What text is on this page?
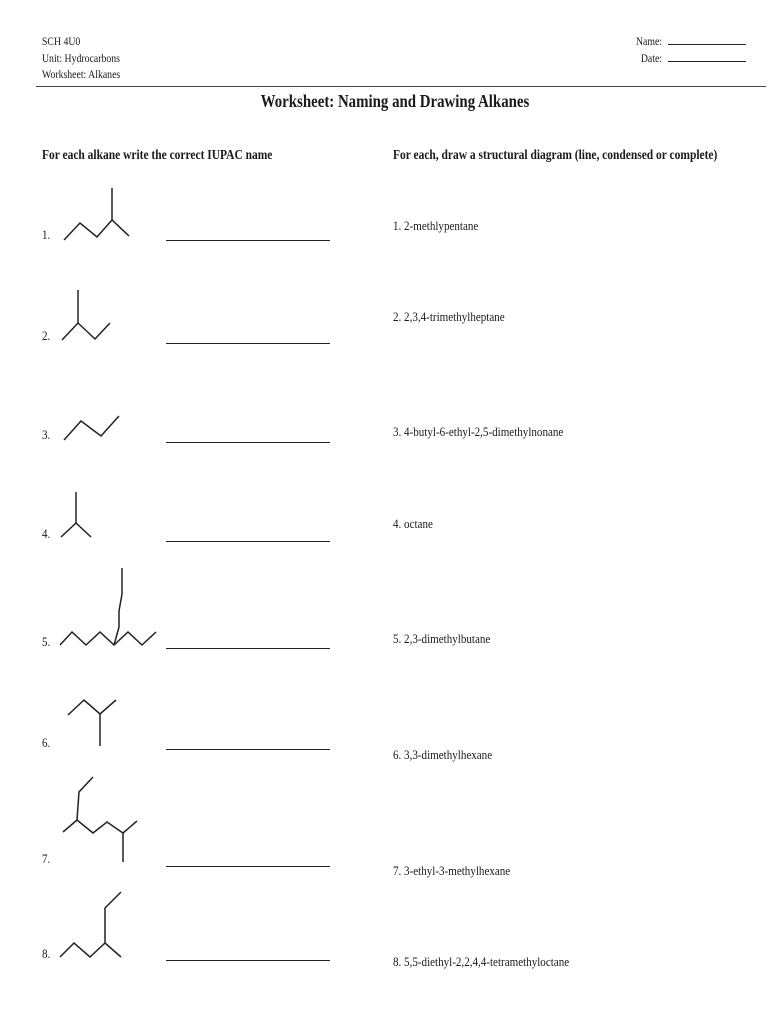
SCH 4U0
Unit: Hydrocarbons
Worksheet: Alkanes
Name:
Date:
Worksheet: Naming and Drawing Alkanes
For each alkane write the correct IUPAC name	For each, draw a structural diagram (line, condensed or complete)
1.
2.
3.
4.
5.
6.
7.
8.
1. 2-methlypentane
2. 2,3,4-trimethylheptane
3. 4-butyl-6-ethyl-2,5-dimethylnonane
4. octane
5. 2,3-dimethylbutane
6. 3,3-dimethylhexane
7. 3-ethyl-3-methylhexane
8. 5,5-diethyl-2,2,4,4-tetramethyloctane
